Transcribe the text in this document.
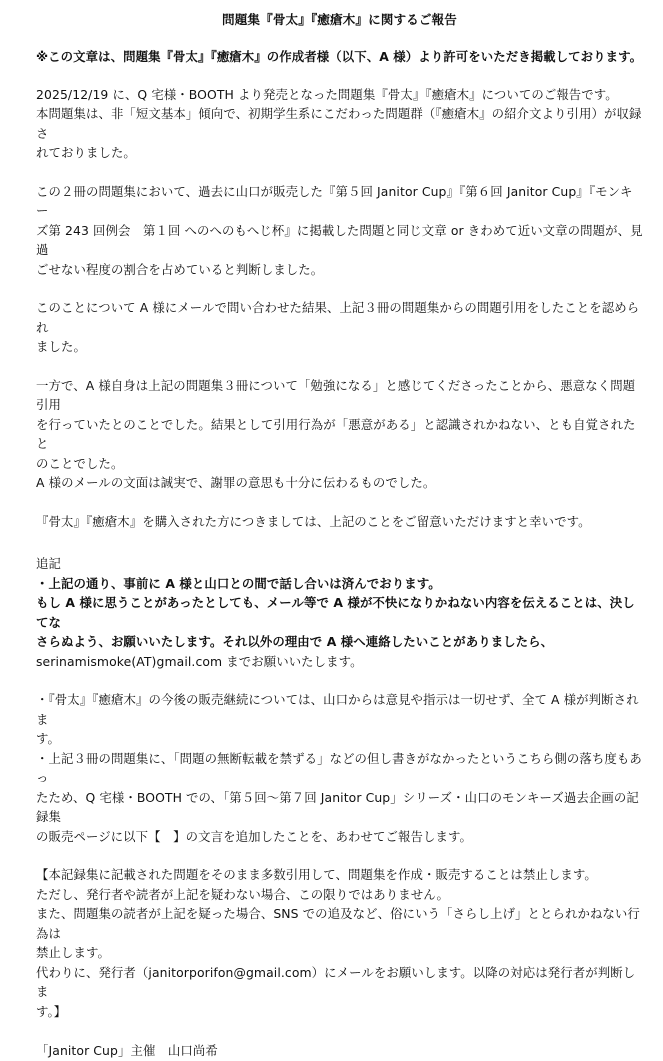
問題集『骨太』『癒瘡木』に関するご報告
※この文章は、問題集『骨太』『癒瘡木』の作成者様（以下、A 様）より許可をいただき掲載しております。
2025/12/19 に、Q 宅様・BOOTH より発売となった問題集『骨太』『癒瘡木』についてのご報告です。
本問題集は、非「短文基本」傾向で、初期学生系にこだわった問題群（『癒瘡木』の紹介文より引用）が収録さ
れておりました。
この２冊の問題集において、過去に山口が販売した『第５回 Janitor Cup』『第６回 Janitor Cup』『モンキー
ズ第 243 回例会　第１回 へのへのもへじ杯』に掲載した問題と同じ文章 or きわめて近い文章の問題が、見過
ごせない程度の割合を占めていると判断しました。
このことについて A 様にメールで問い合わせた結果、上記３冊の問題集からの問題引用をしたことを認められ
ました。
一方で、A 様自身は上記の問題集３冊について「勉強になる」と感じてくださったことから、悪意なく問題引用
を行っていたとのことでした。結果として引用行為が「悪意がある」と認識されかねない、とも自覚されたと
のことでした。
A 様のメールの文面は誠実で、謝罪の意思も十分に伝わるものでした。
『骨太』『癒瘡木』を購入された方につきましては、上記のことをご留意いただけますと幸いです。
追記
・上記の通り、事前に A 様と山口との間で話し合いは済んでおります。
もし A 様に思うことがあったとしても、メール等で A 様が不快になりかねない内容を伝えることは、決してな
さらぬよう、お願いいたします。それ以外の理由で A 様へ連絡したいことがありましたら、
serinamismoke(AT)gmail.com までお願いいたします。
・『骨太』『癒瘡木』の今後の販売継続については、山口からは意見や指示は一切せず、全て A 様が判断されま
す。
・上記３冊の問題集に、「問題の無断転載を禁ずる」などの但し書きがなかったというこちら側の落ち度もあっ
たため、Q 宅様・BOOTH での、「第５回～第７回 Janitor Cup」シリーズ・山口のモンキーズ過去企画の記録集
の販売ページに以下【　】の文言を追加したことを、あわせてご報告します。
【本記録集に記載された問題をそのまま多数引用して、問題集を作成・販売することは禁止します。
ただし、発行者や読者が上記を疑わない場合、この限りではありません。
また、問題集の読者が上記を疑った場合、SNS での追及など、俗にいう「さらし上げ」ととられかねない行為は
禁止します。
代わりに、発行者（janitorporifon@gmail.com）にメールをお願いします。以降の対応は発行者が判断しま
す。】
「Janitor Cup」主催　山口尚希
